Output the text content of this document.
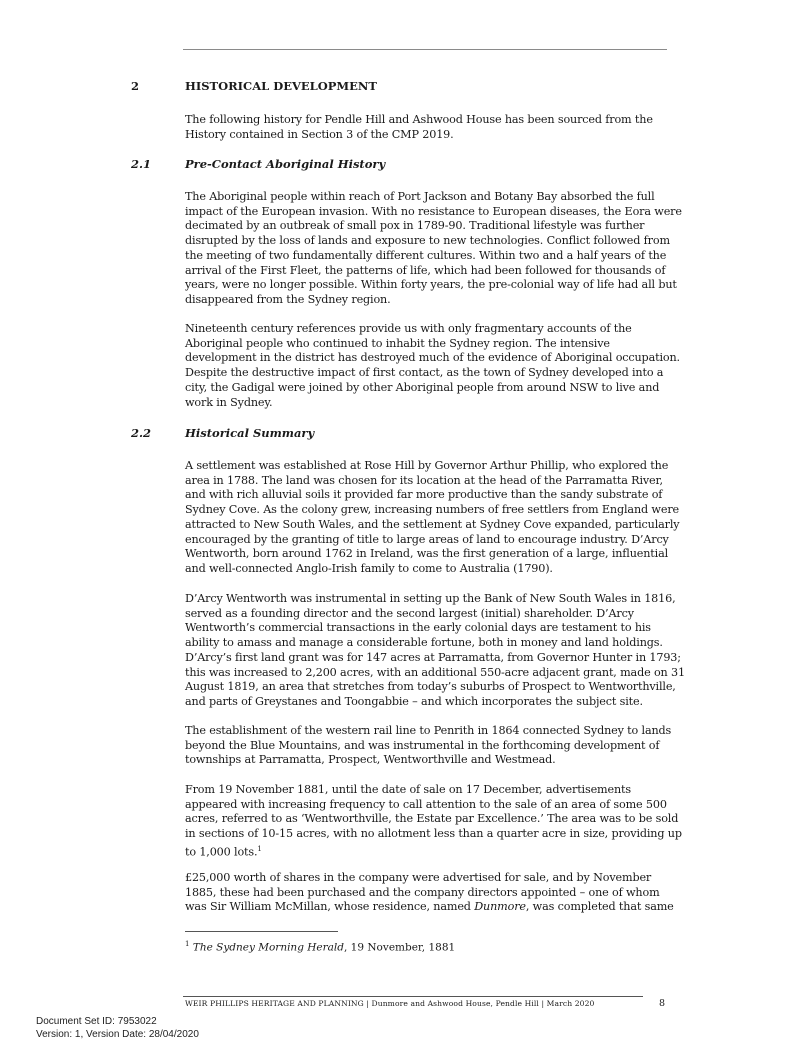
2	HISTORICAL DEVELOPMENT

The following history for Pendle Hill and Ashwood House has been sourced from the
History contained in Section 3 of the CMP 2019.

2.1	Pre-Contact Aboriginal History

The Aboriginal people within reach of Port Jackson and Botany Bay absorbed the full
impact of the European invasion. With no resistance to European diseases, the Eora were
decimated by an outbreak of small pox in 1789-90. Traditional lifestyle was further
disrupted by the loss of lands and exposure to new technologies. Conflict followed from
the meeting of two fundamentally different cultures. Within two and a half years of the
arrival of the First Fleet, the patterns of life, which had been followed for thousands of
years, were no longer possible. Within forty years, the pre-colonial way of life had all but
disappeared from the Sydney region.

Nineteenth century references provide us with only fragmentary accounts of the
Aboriginal people who continued to inhabit the Sydney region. The intensive
development in the district has destroyed much of the evidence of Aboriginal occupation.
Despite the destructive impact of first contact, as the town of Sydney developed into a
city, the Gadigal were joined by other Aboriginal people from around NSW to live and
work in Sydney.

2.2	Historical Summary

A settlement was established at Rose Hill by Governor Arthur Phillip, who explored the
area in 1788. The land was chosen for its location at the head of the Parramatta River,
and with rich alluvial soils it provided far more productive than the sandy substrate of
Sydney Cove. As the colony grew, increasing numbers of free settlers from England were
attracted to New South Wales, and the settlement at Sydney Cove expanded, particularly
encouraged by the granting of title to large areas of land to encourage industry. D’Arcy
Wentworth, born around 1762 in Ireland, was the first generation of a large, influential
and well-connected Anglo-Irish family to come to Australia (1790).

D’Arcy Wentworth was instrumental in setting up the Bank of New South Wales in 1816,
served as a founding director and the second largest (initial) shareholder. D’Arcy
Wentworth’s commercial transactions in the early colonial days are testament to his
ability to amass and manage a considerable fortune, both in money and land holdings.
D’Arcy’s first land grant was for 147 acres at Parramatta, from Governor Hunter in 1793;
this was increased to 2,200 acres, with an additional 550-acre adjacent grant, made on 31
August 1819, an area that stretches from today’s suburbs of Prospect to Wentworthville,
and parts of Greystanes and Toongabbie – and which incorporates the subject site.

The establishment of the western rail line to Penrith in 1864 connected Sydney to lands
beyond the Blue Mountains, and was instrumental in the forthcoming development of
townships at Parramatta, Prospect, Wentworthville and Westmead.

From 19 November 1881, until the date of sale on 17 December, advertisements
appeared with increasing frequency to call attention to the sale of an area of some 500
acres, referred to as ‘Wentworthville, the Estate par Excellence.’ The area was to be sold
in sections of 10-15 acres, with no allotment less than a quarter acre in size, providing up
to 1,000 lots.$^1$

£25,000 worth of shares in the company were advertised for sale, and by November
1885, these had been purchased and the company directors appointed – one of whom
was Sir William McMillan, whose residence, named Dunmore, was completed that same

$^1$ The Sydney Morning Herald, 19 November, 1881
WEIR PHILLIPS HERITAGE AND PLANNING | Dunmore and Ashwood House, Pendle Hill | March 2020	8
Document Set ID: 7953022
Version: 1, Version Date: 28/04/2020
